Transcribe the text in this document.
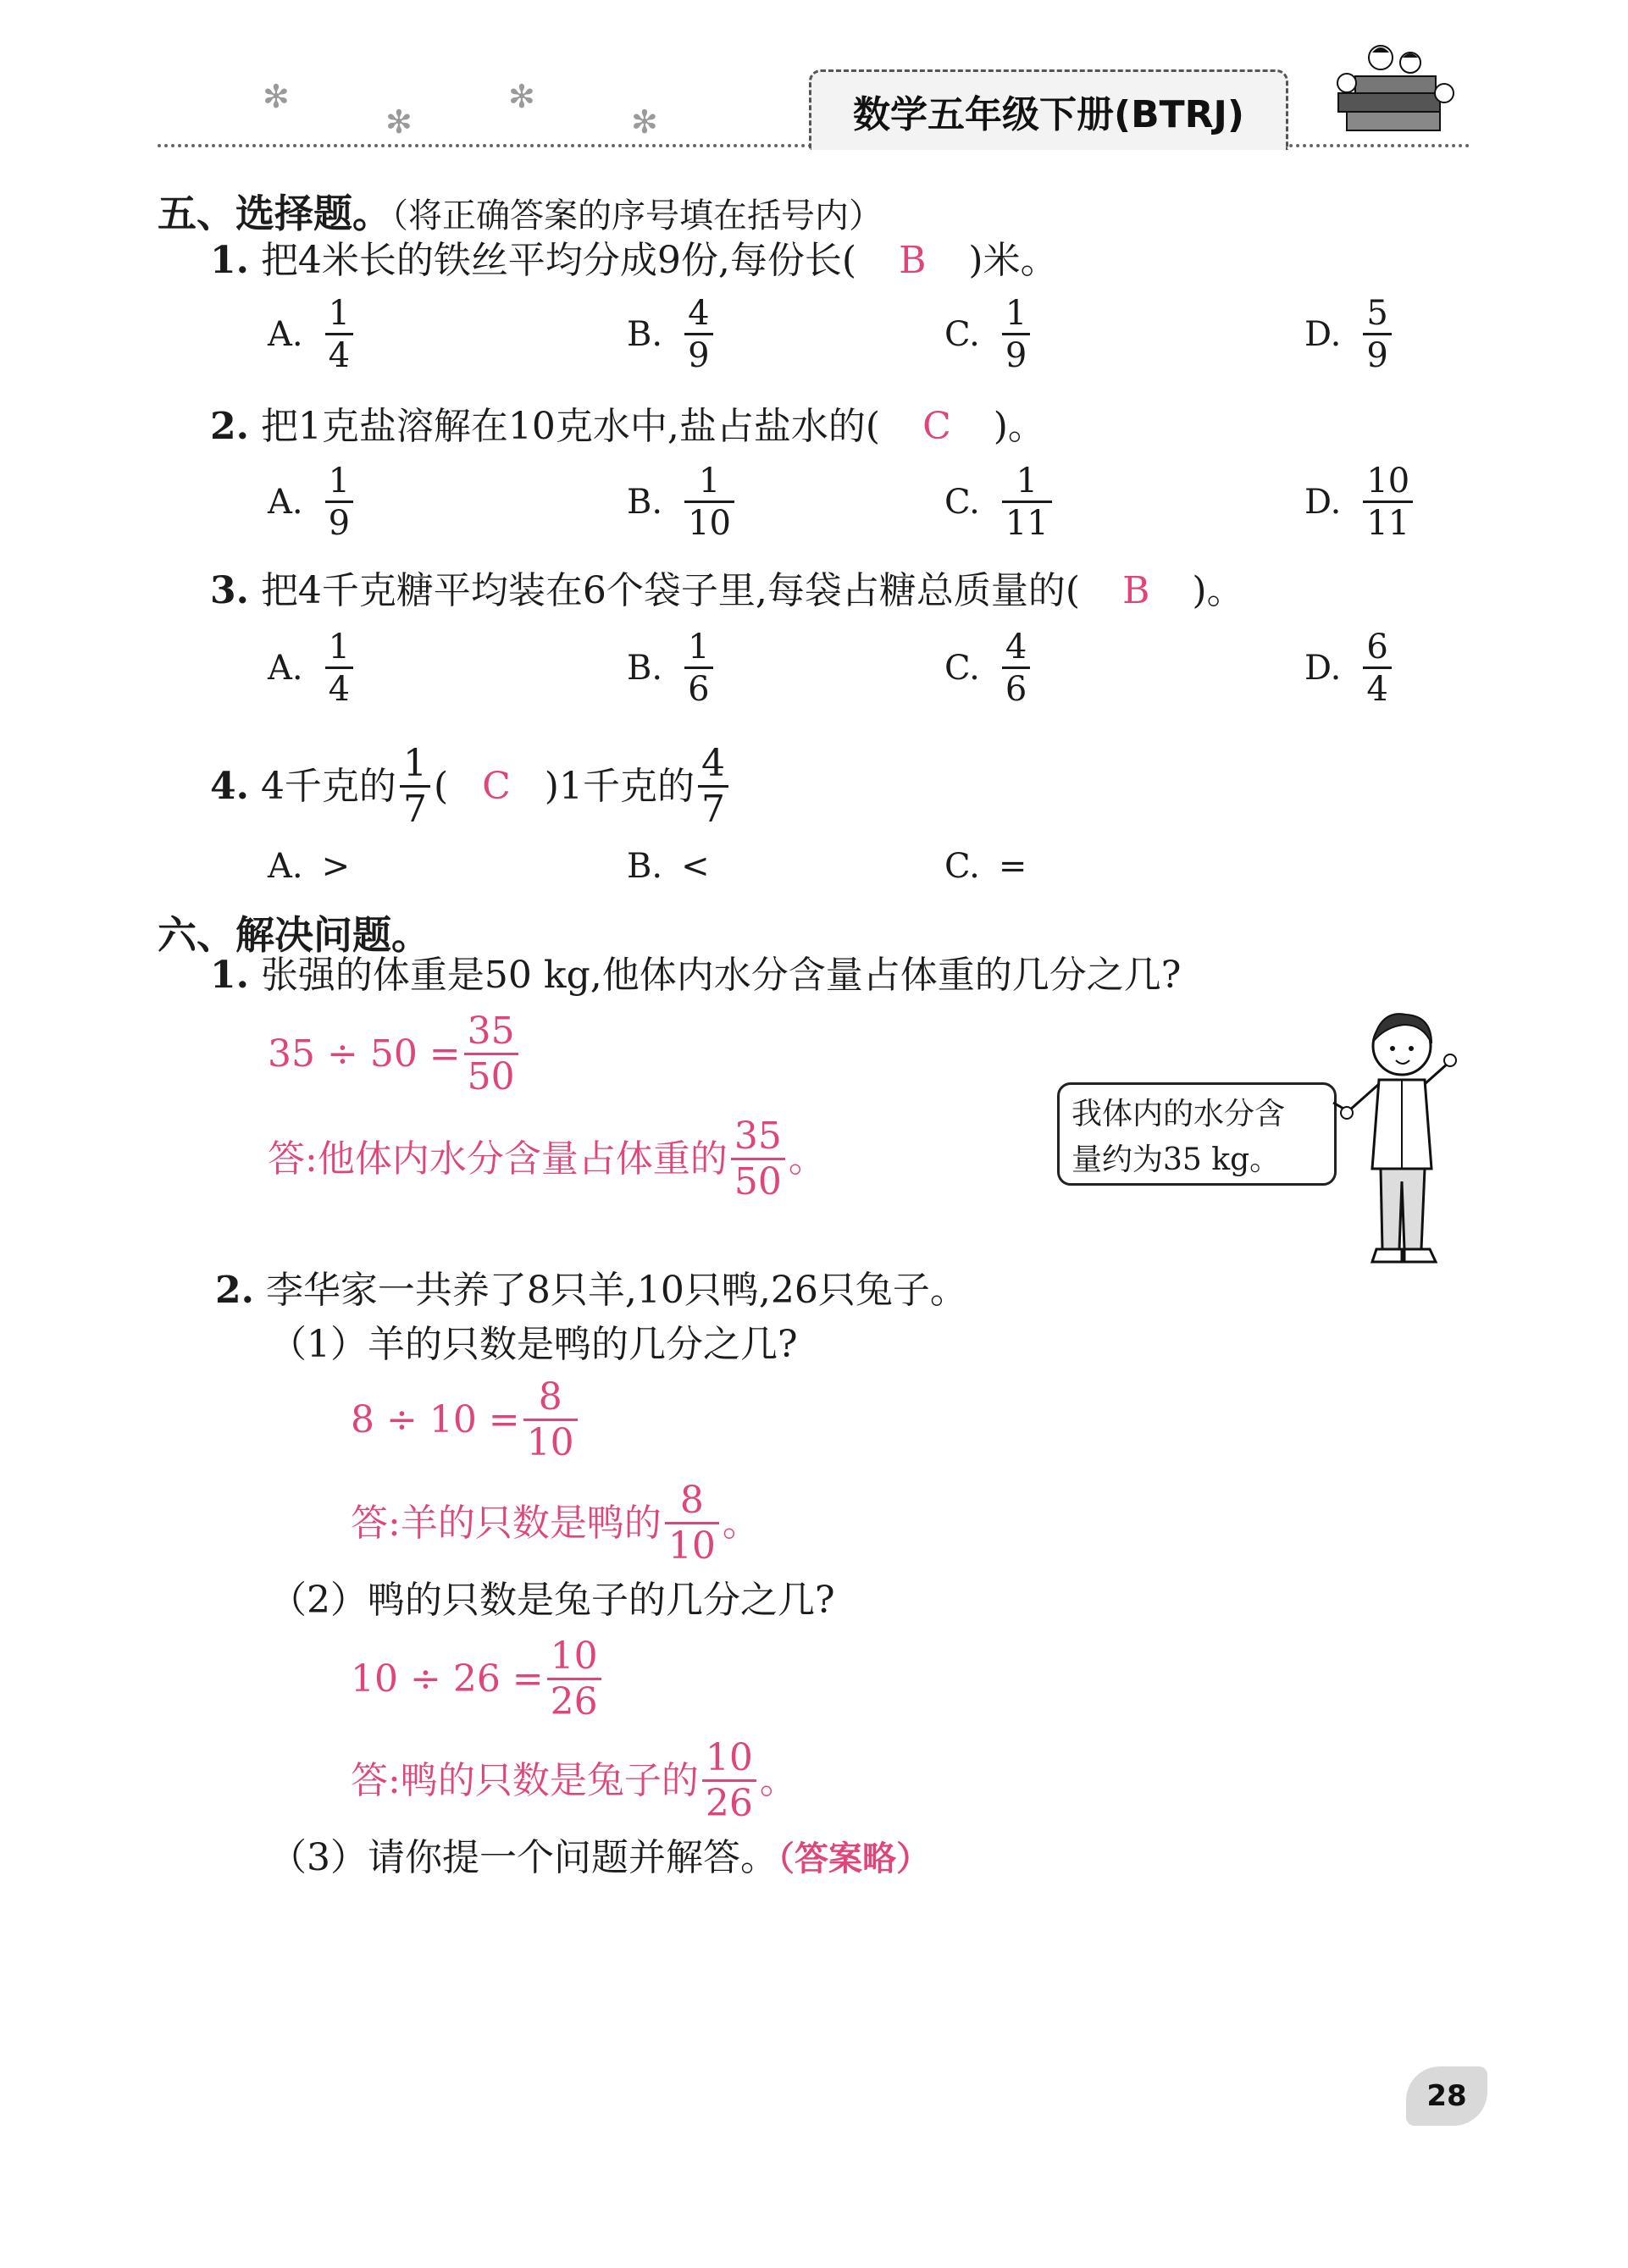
✻
✻
✻
✻	数学五年级下册(BTRJ)
五、选择题。（将正确答案的序号填在括号内）
1. 把4米长的铁丝平均分成9份,每份长( B )米。
A. $\frac{1}{4}$	B. $\frac{4}{9}$	C. $\frac{1}{9}$	D. $\frac{5}{9}$
2. 把1克盐溶解在10克水中,盐占盐水的( C )。
A. $\frac{1}{9}$	B. $\frac{1}{10}$	C. $\frac{1}{11}$	D. $\frac{10}{11}$
3. 把4千克糖平均装在6个袋子里,每袋占糖总质量的( B )。
A. $\frac{1}{4}$	B. $\frac{1}{6}$	C. $\frac{4}{6}$	D. $\frac{6}{4}$
4. 4千克的 $\frac{1}{7}$ ( C )1千克的 $\frac{4}{7}$
A. >	B. <	C. =
六、解决问题。
1. 张强的体重是50 kg,他体内水分含量占体重的几分之几?
$35 \div 50 = \frac{35}{50}$
答:他体内水分含量占体重的 $\frac{35}{50}$ 。
我体内的水分含
量约为35 kg。
2. 李华家一共养了8只羊,10只鸭,26只兔子。
（1）羊的只数是鸭的几分之几?
$8 \div 10 = \frac{8}{10}$
答:羊的只数是鸭的 $\frac{8}{10}$ 。
（2）鸭的只数是兔子的几分之几?
$10 \div 26 = \frac{10}{26}$
答:鸭的只数是兔子的 $\frac{10}{26}$ 。
（3）请你提一个问题并解答。（答案略）
28
